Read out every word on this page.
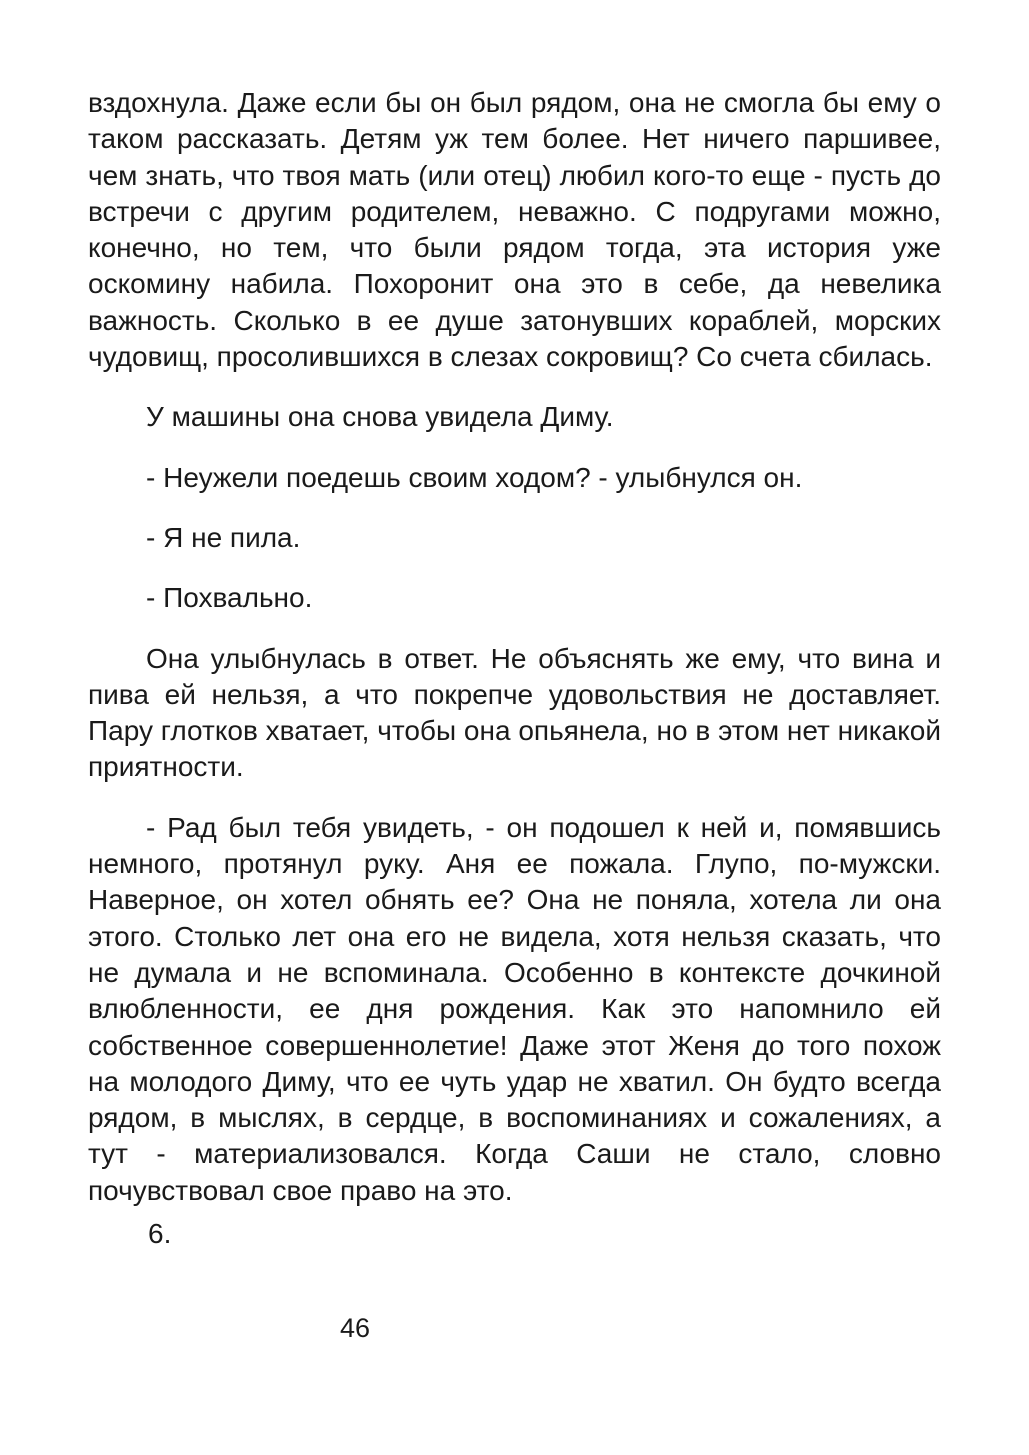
вздохнула. Даже если бы он был рядом, она не смогла бы ему о таком рассказать. Детям уж тем более. Нет ничего паршивее, чем знать, что твоя мать (или отец) любил кого-то еще - пусть до встречи с другим родителем, неважно. С подругами можно, конечно, но тем, что были рядом тогда, эта история уже оскомину набила. Похоронит она это в себе, да невелика важность. Сколько в ее душе затонувших кораблей, морских чудовищ, просолившихся в слезах сокровищ? Со счета сбилась.

У машины она снова увидела Диму.

- Неужели поедешь своим ходом? - улыбнулся он.

- Я не пила.

- Похвально.

Она улыбнулась в ответ. Не объяснять же ему, что вина и пива ей нельзя, а что покрепче удовольствия не доставляет. Пару глотков хватает, чтобы она опьянела, но в этом нет никакой приятности.

- Рад был тебя увидеть, - он подошел к ней и, помявшись немного, протянул руку. Аня ее пожала. Глупо, по-мужски. Наверное, он хотел обнять ее? Она не поняла, хотела ли она этого. Столько лет она его не видела, хотя нельзя сказать, что не думала и не вспоминала. Особенно в контексте дочкиной влюбленности, ее дня рождения. Как это напомнило ей собственное совершеннолетие! Даже этот Женя до того похож на молодого Диму, что ее чуть удар не хватил. Он будто всегда рядом, в мыслях, в сердце, в воспоминаниях и сожалениях, а тут - материализовался. Когда Саши не стало, словно почувствовал свое право на это.

6.
46
